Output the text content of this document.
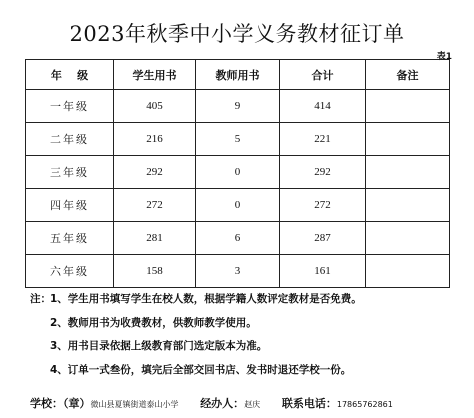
2023年秋季中小学义务教材征订单
表1
年    级	学生用书	教师用书	合计	备注
一年级	405	9	414	
二年级	216	5	221	
三年级	292	0	292	
四年级	272	0	272	
五年级	281	6	287	
六年级	158	3	161	
注：1、学生用书填写学生在校人数，根据学籍人数评定教材是否免费。
2、教师用书为收费教材，供教师教学使用。
3、用书目录依据上级教育部门选定版本为准。
4、订单一式叁份，填完后全部交回书店、发书时退还学校一份。
学校：（章）微山县夏镇街道泰山小学 经办人：赵庆 联系电话：17865762861
